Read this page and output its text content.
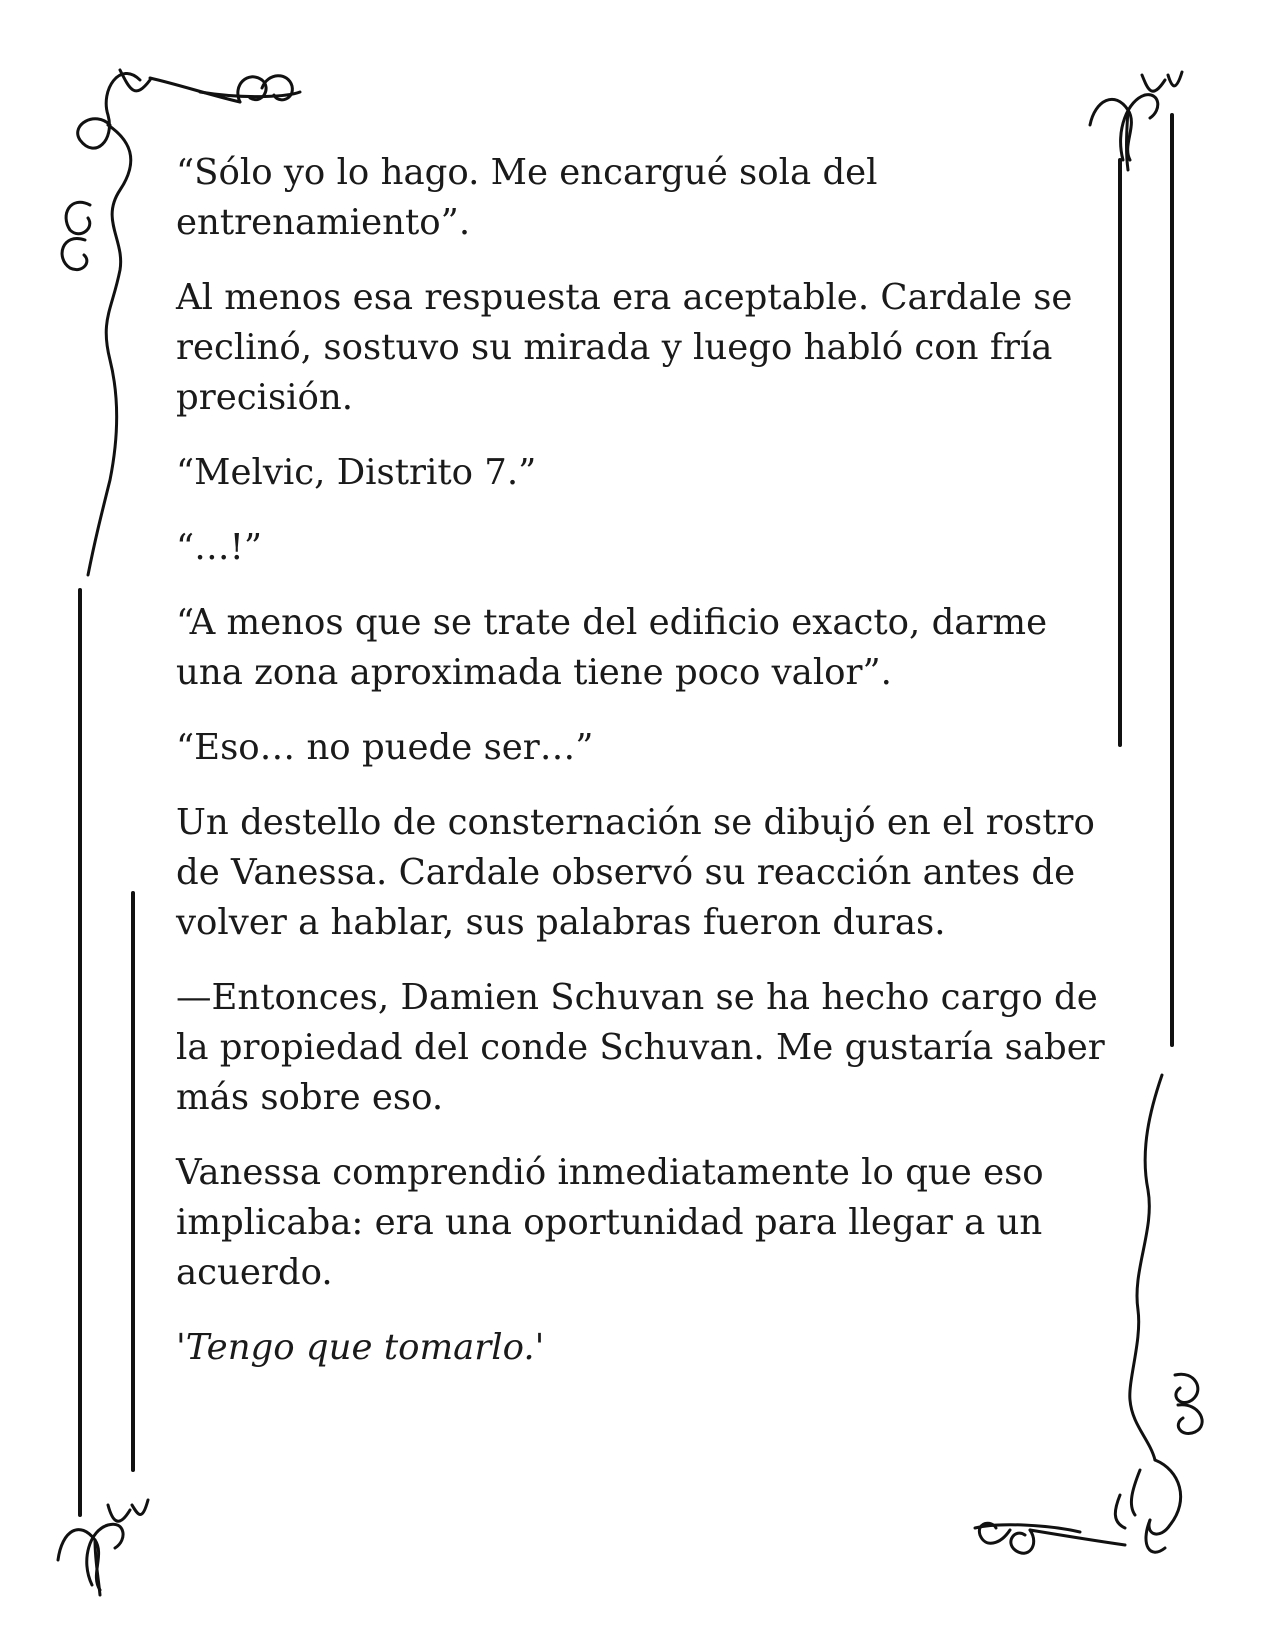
“Sólo yo lo hago. Me encargué sola del entrenamiento”.

Al menos esa respuesta era aceptable. Cardale se reclinó, sostuvo su mirada y luego habló con fría precisión.

“Melvic, Distrito 7.”

“…!”

“A menos que se trate del edificio exacto, darme una zona aproximada tiene poco valor”.

“Eso… no puede ser…”

Un destello de consternación se dibujó en el rostro de Vanessa. Cardale observó su reacción antes de volver a hablar, sus palabras fueron duras.

—Entonces, Damien Schuvan se ha hecho cargo de la propiedad del conde Schuvan. Me gustaría saber más sobre eso.

Vanessa comprendió inmediatamente lo que eso implicaba: era una oportunidad para llegar a un acuerdo.

'Tengo que tomarlo.'
